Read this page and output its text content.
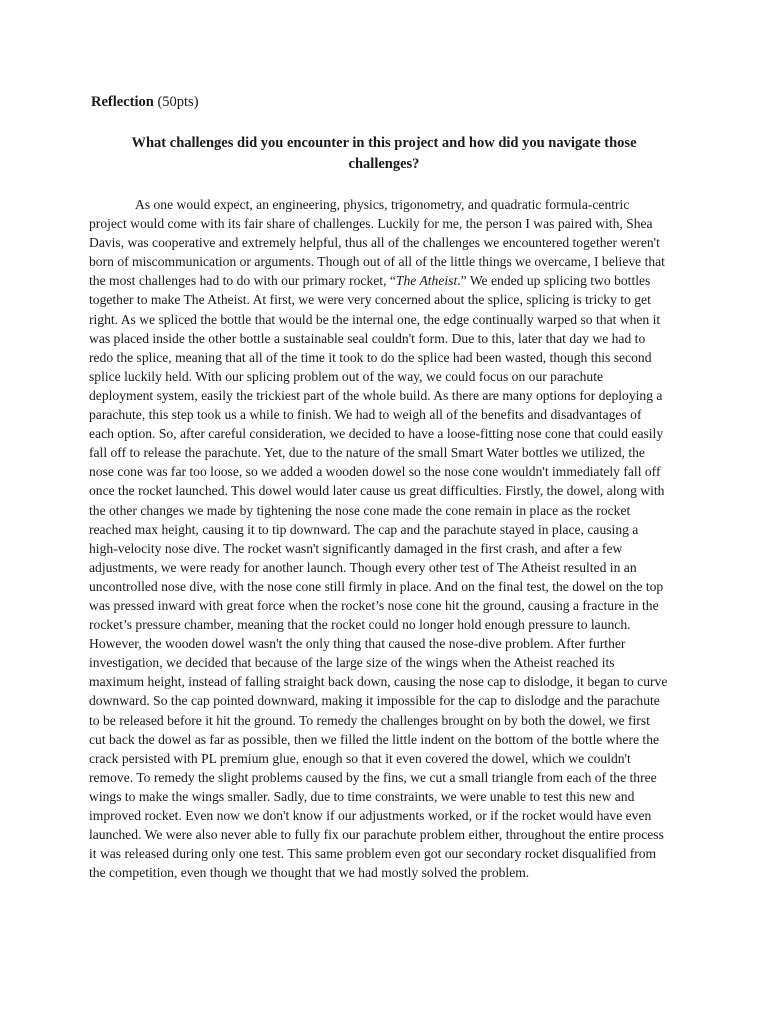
Reflection (50pts)

What challenges did you encounter in this project and how did you navigate those
challenges?

As one would expect, an engineering, physics, trigonometry, and quadratic formula-centric
project would come with its fair share of challenges. Luckily for me, the person I was paired with, Shea
Davis, was cooperative and extremely helpful, thus all of the challenges we encountered together weren't
born of miscommunication or arguments. Though out of all of the little things we overcame, I believe that
the most challenges had to do with our primary rocket, “The Atheist.” We ended up splicing two bottles
together to make The Atheist. At first, we were very concerned about the splice, splicing is tricky to get
right. As we spliced the bottle that would be the internal one, the edge continually warped so that when it
was placed inside the other bottle a sustainable seal couldn't form. Due to this, later that day we had to
redo the splice, meaning that all of the time it took to do the splice had been wasted, though this second
splice luckily held. With our splicing problem out of the way, we could focus on our parachute
deployment system, easily the trickiest part of the whole build. As there are many options for deploying a
parachute, this step took us a while to finish. We had to weigh all of the benefits and disadvantages of
each option. So, after careful consideration, we decided to have a loose-fitting nose cone that could easily
fall off to release the parachute. Yet, due to the nature of the small Smart Water bottles we utilized, the
nose cone was far too loose, so we added a wooden dowel so the nose cone wouldn't immediately fall off
once the rocket launched. This dowel would later cause us great difficulties. Firstly, the dowel, along with
the other changes we made by tightening the nose cone made the cone remain in place as the rocket
reached max height, causing it to tip downward. The cap and the parachute stayed in place, causing a
high-velocity nose dive. The rocket wasn't significantly damaged in the first crash, and after a few
adjustments, we were ready for another launch. Though every other test of The Atheist resulted in an
uncontrolled nose dive, with the nose cone still firmly in place. And on the final test, the dowel on the top
was pressed inward with great force when the rocket’s nose cone hit the ground, causing a fracture in the
rocket’s pressure chamber, meaning that the rocket could no longer hold enough pressure to launch.
However, the wooden dowel wasn't the only thing that caused the nose-dive problem. After further
investigation, we decided that because of the large size of the wings when the Atheist reached its
maximum height, instead of falling straight back down, causing the nose cap to dislodge, it began to curve
downward. So the cap pointed downward, making it impossible for the cap to dislodge and the parachute
to be released before it hit the ground. To remedy the challenges brought on by both the dowel, we first
cut back the dowel as far as possible, then we filled the little indent on the bottom of the bottle where the
crack persisted with PL premium glue, enough so that it even covered the dowel, which we couldn't
remove. To remedy the slight problems caused by the fins, we cut a small triangle from each of the three
wings to make the wings smaller. Sadly, due to time constraints, we were unable to test this new and
improved rocket. Even now we don't know if our adjustments worked, or if the rocket would have even
launched. We were also never able to fully fix our parachute problem either, throughout the entire process
it was released during only one test. This same problem even got our secondary rocket disqualified from
the competition, even though we thought that we had mostly solved the problem.
